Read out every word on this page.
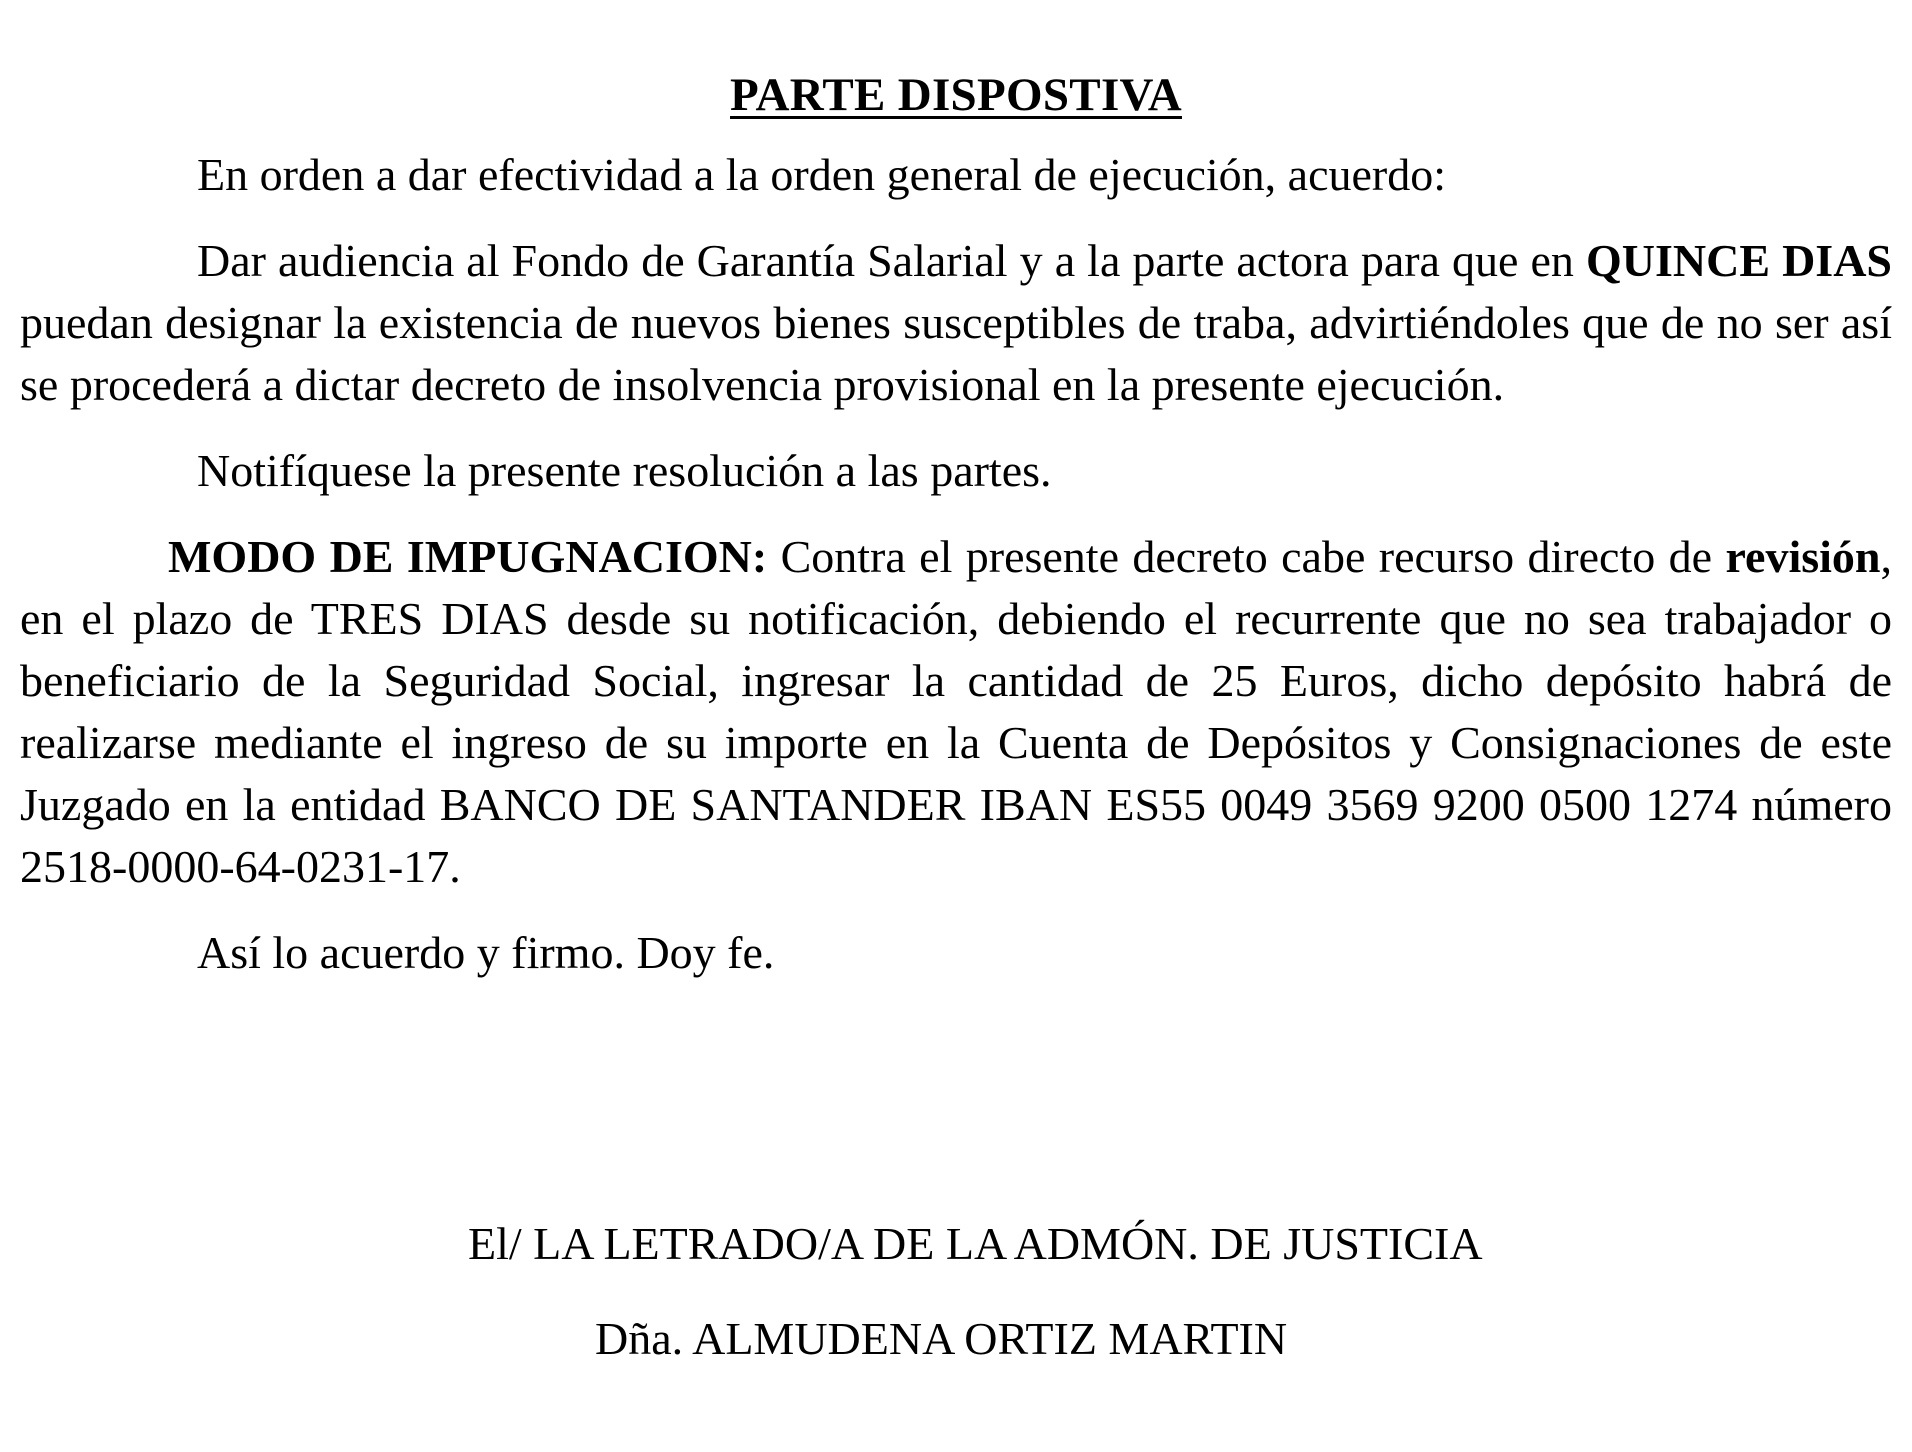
PARTE DISPOSTIVA

En orden a dar efectividad a la orden general de ejecución, acuerdo:

Dar audiencia al Fondo de Garantía Salarial y a la parte actora para que en QUINCE DIAS puedan designar la existencia de nuevos bienes susceptibles de traba, advirtiéndoles que de no ser así se procederá a dictar decreto de insolvencia provisional en la presente ejecución.

Notifíquese la presente resolución a las partes.

MODO DE IMPUGNACION: Contra el presente decreto cabe recurso directo de revisión, en el plazo de TRES DIAS desde su notificación, debiendo el recurrente que no sea trabajador o beneficiario de la Seguridad Social, ingresar la cantidad de 25 Euros, dicho depósito habrá de realizarse mediante el ingreso de su importe en la Cuenta de Depósitos y Consignaciones de este Juzgado en la entidad BANCO DE SANTANDER IBAN ES55 0049 3569 9200 0500 1274 número 2518-0000-64-0231-17.

Así lo acuerdo y firmo. Doy fe.

El/ LA LETRADO/A DE LA ADMÓN. DE JUSTICIA
Dña. ALMUDENA ORTIZ MARTIN
